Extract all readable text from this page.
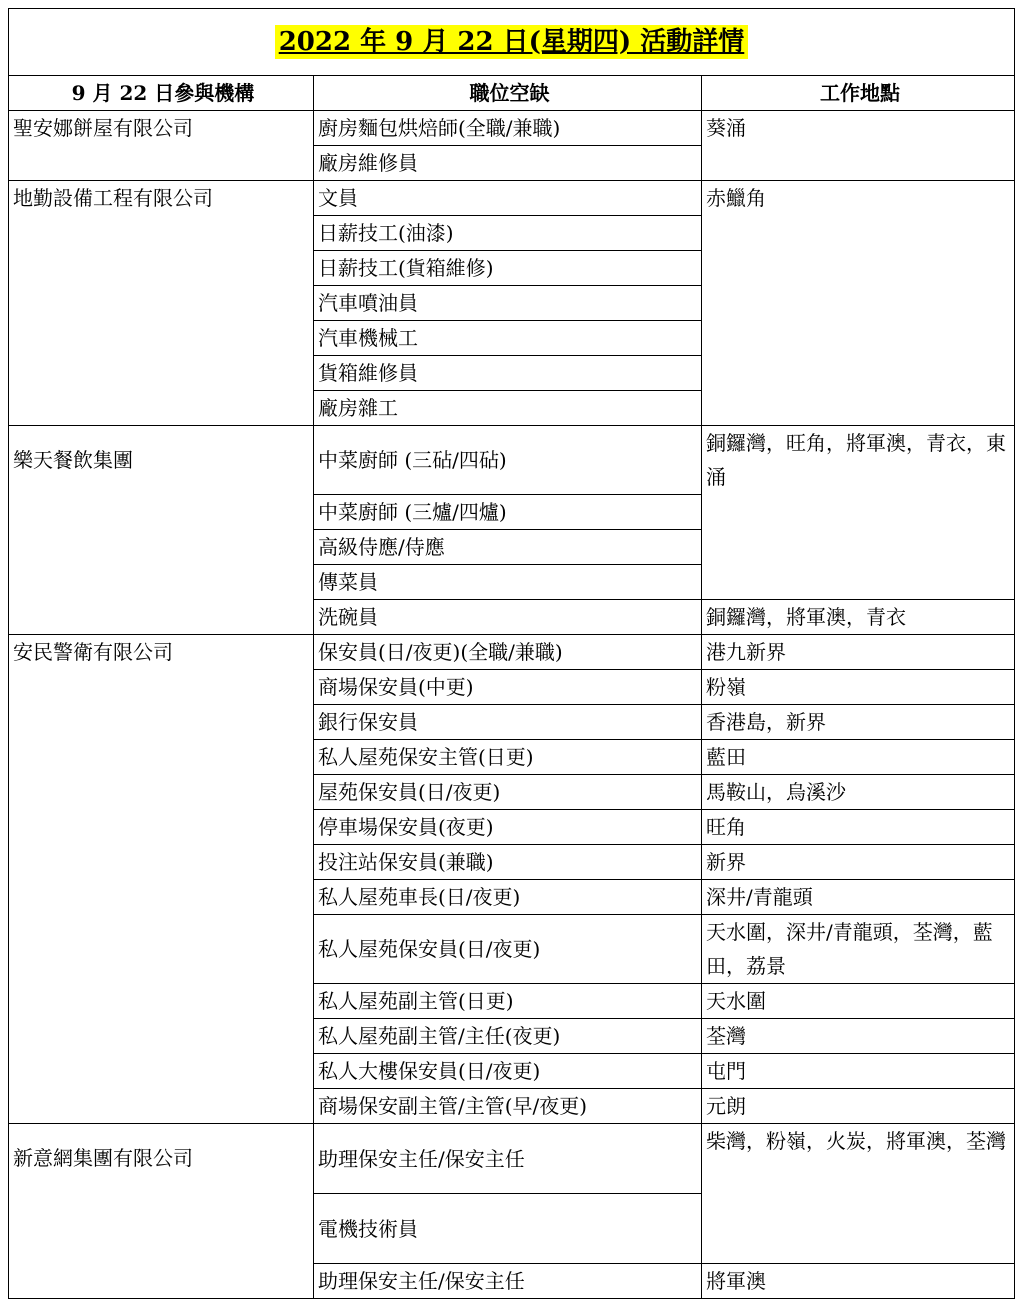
2022 年 9 月 22 日(星期四) 活動詳情		
9 月 22 日參與機構	職位空缺	工作地點
聖安娜餅屋有限公司	廚房麵包烘焙師(全職/兼職)	葵涌
	廠房維修員	
地勤設備工程有限公司	文員	赤鱲角
	日薪技工(油漆)	
	日薪技工(貨箱維修)	
	汽車噴油員	
	汽車機械工	
	貨箱維修員	
	廠房雜工	
樂天餐飲集團	中菜廚師 (三砧/四砧)	銅鑼灣，旺角，將軍澳，青衣，東涌
	中菜廚師 (三爐/四爐)	
	高級侍應/侍應	
	傳菜員	
	洗碗員	銅鑼灣，將軍澳，青衣
安民警衛有限公司	保安員(日/夜更)(全職/兼職)	港九新界
	商場保安員(中更)	粉嶺
	銀行保安員	香港島，新界
	私人屋苑保安主管(日更)	藍田
	屋苑保安員(日/夜更)	馬鞍山，烏溪沙
	停車場保安員(夜更)	旺角
	投注站保安員(兼職)	新界
	私人屋苑車長(日/夜更)	深井/青龍頭
	私人屋苑保安員(日/夜更)	天水圍，深井/青龍頭，荃灣，藍田，荔景
	私人屋苑副主管(日更)	天水圍
	私人屋苑副主管/主任(夜更)	荃灣
	私人大樓保安員(日/夜更)	屯門
	商場保安副主管/主管(早/夜更)	元朗
新意網集團有限公司	助理保安主任/保安主任	柴灣，粉嶺，火炭，將軍澳，荃灣
	電機技術員	
	助理保安主任/保安主任	將軍澳
